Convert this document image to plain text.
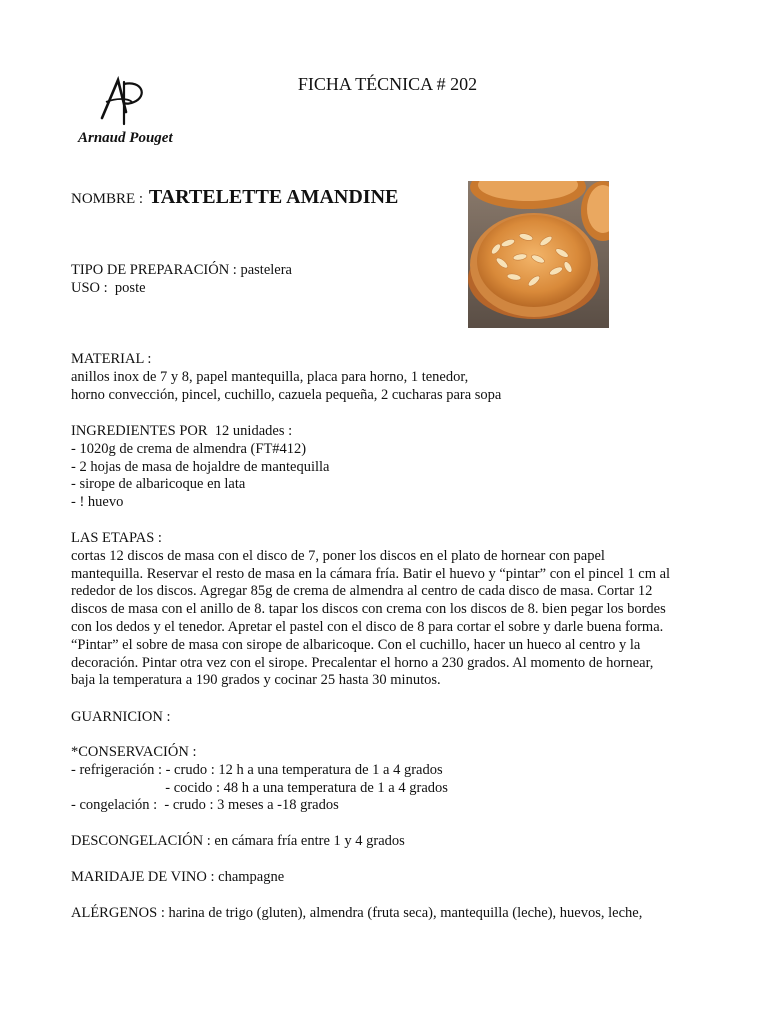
Arnaud Pouget
FICHA TÉCNICA # 202
NOMBRE : TARTELETTE AMANDINE
TIPO DE PREPARACIÓN : pastelera
USO :  poste
MATERIAL :
anillos inox de 7 y 8, papel mantequilla, placa para horno, 1 tenedor,
horno convección, pincel, cuchillo, cazuela pequeña, 2 cucharas para sopa
INGREDIENTES POR  12 unidades :
- 1020g de crema de almendra (FT#412)
- 2 hojas de masa de hojaldre de mantequilla
- sirope de albaricoque en lata
- ! huevo
LAS ETAPAS :
cortas 12 discos de masa con el disco de 7, poner los discos en el plato de hornear con papel
mantequilla. Reservar el resto de masa en la cámara fría. Batir el huevo y “pintar” con el pincel 1 cm al
rededor de los discos. Agregar 85g de crema de almendra al centro de cada disco de masa. Cortar 12
discos de masa con el anillo de 8. tapar los discos con crema con los discos de 8. bien pegar los bordes
con los dedos y el tenedor. Apretar el pastel con el disco de 8 para cortar el sobre y darle buena forma.
“Pintar” el sobre de masa con sirope de albaricoque. Con el cuchillo, hacer un hueco al centro y la
decoración. Pintar otra vez con el sirope. Precalentar el horno a 230 grados. Al momento de hornear,
baja la temperatura a 190 grados y cocinar 25 hasta 30 minutos.
GUARNICION :
*CONSERVACIÓN :
- refrigeración : - crudo : 12 h a una temperatura de 1 a 4 grados
- cocido : 48 h a una temperatura de 1 a 4 grados
- congelación :  - crudo : 3 meses a -18 grados
DESCONGELACIÓN : en cámara fría entre 1 y 4 grados
MARIDAJE DE VINO : champagne
ALÉRGENOS : harina de trigo (gluten), almendra (fruta seca), mantequilla (leche), huevos, leche,
